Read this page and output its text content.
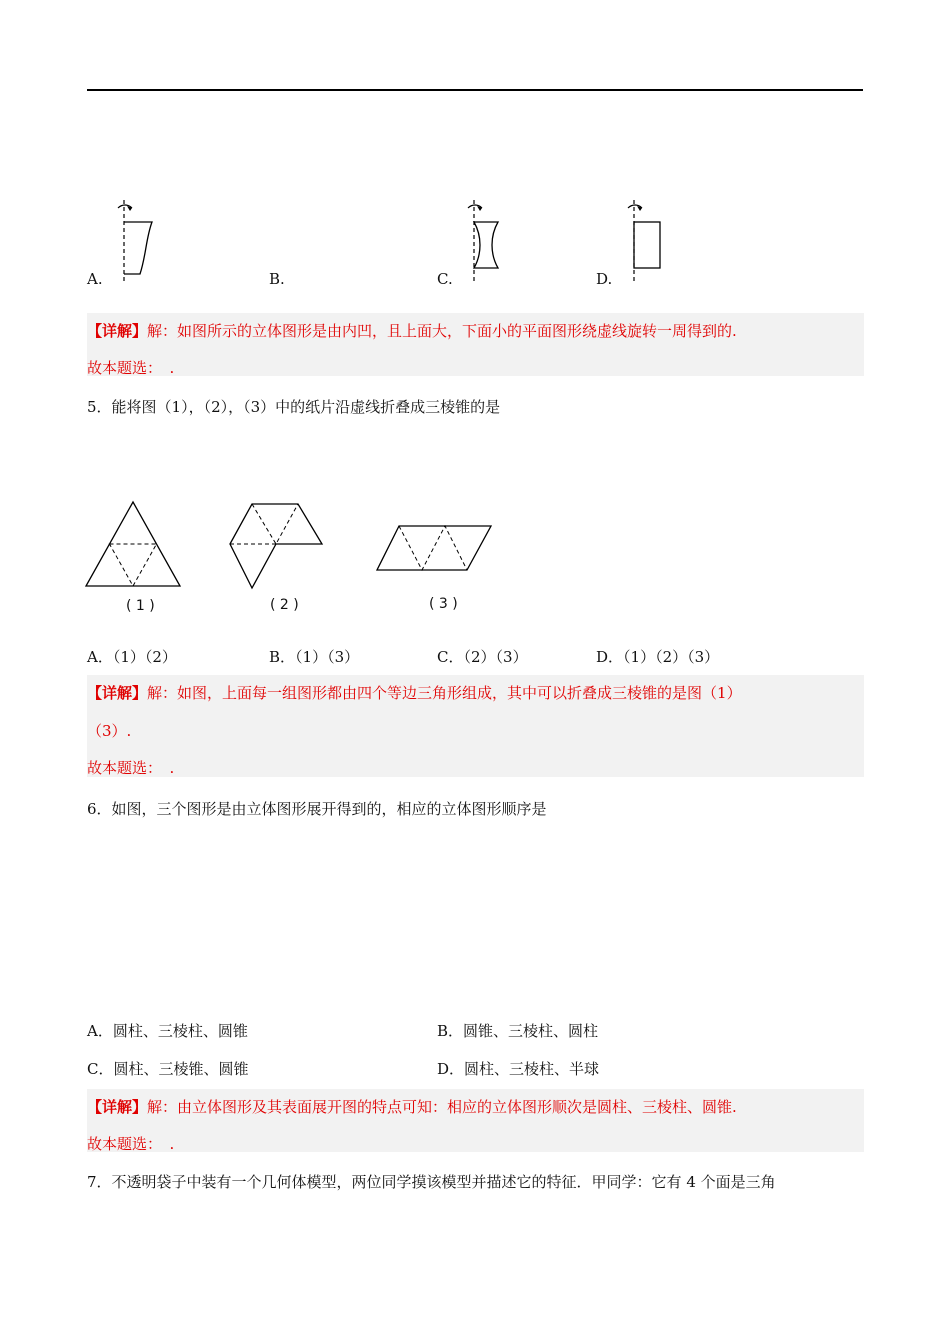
A.	B.	C.	D.
【详解】解：如图所示的立体图形是由内凹，且上面大，下面小的平面图形绕虚线旋转一周得到的.
故本题选：　.
5．能将图（1），（2），（3）中的纸片沿虚线折叠成三棱锥的是
( 1 )	( 2 )	( 3 )
A．（1）（2）	B．（1）（3）	C．（2）（3）	D．（1）（2）（3）
【详解】解：如图，上面每一组图形都由四个等边三角形组成，其中可以折叠成三棱锥的是图（1）
（3）.
故本题选：　.
6．如图，三个图形是由立体图形展开得到的，相应的立体图形顺序是
A．圆柱、三棱柱、圆锥	B．圆锥、三棱柱、圆柱
C．圆柱、三棱锥、圆锥	D．圆柱、三棱柱、半球
【详解】解：由立体图形及其表面展开图的特点可知：相应的立体图形顺次是圆柱、三棱柱、圆锥.
故本题选：　.
7．不透明袋子中装有一个几何体模型，两位同学摸该模型并描述它的特征．甲同学：它有 4 个面是三角
